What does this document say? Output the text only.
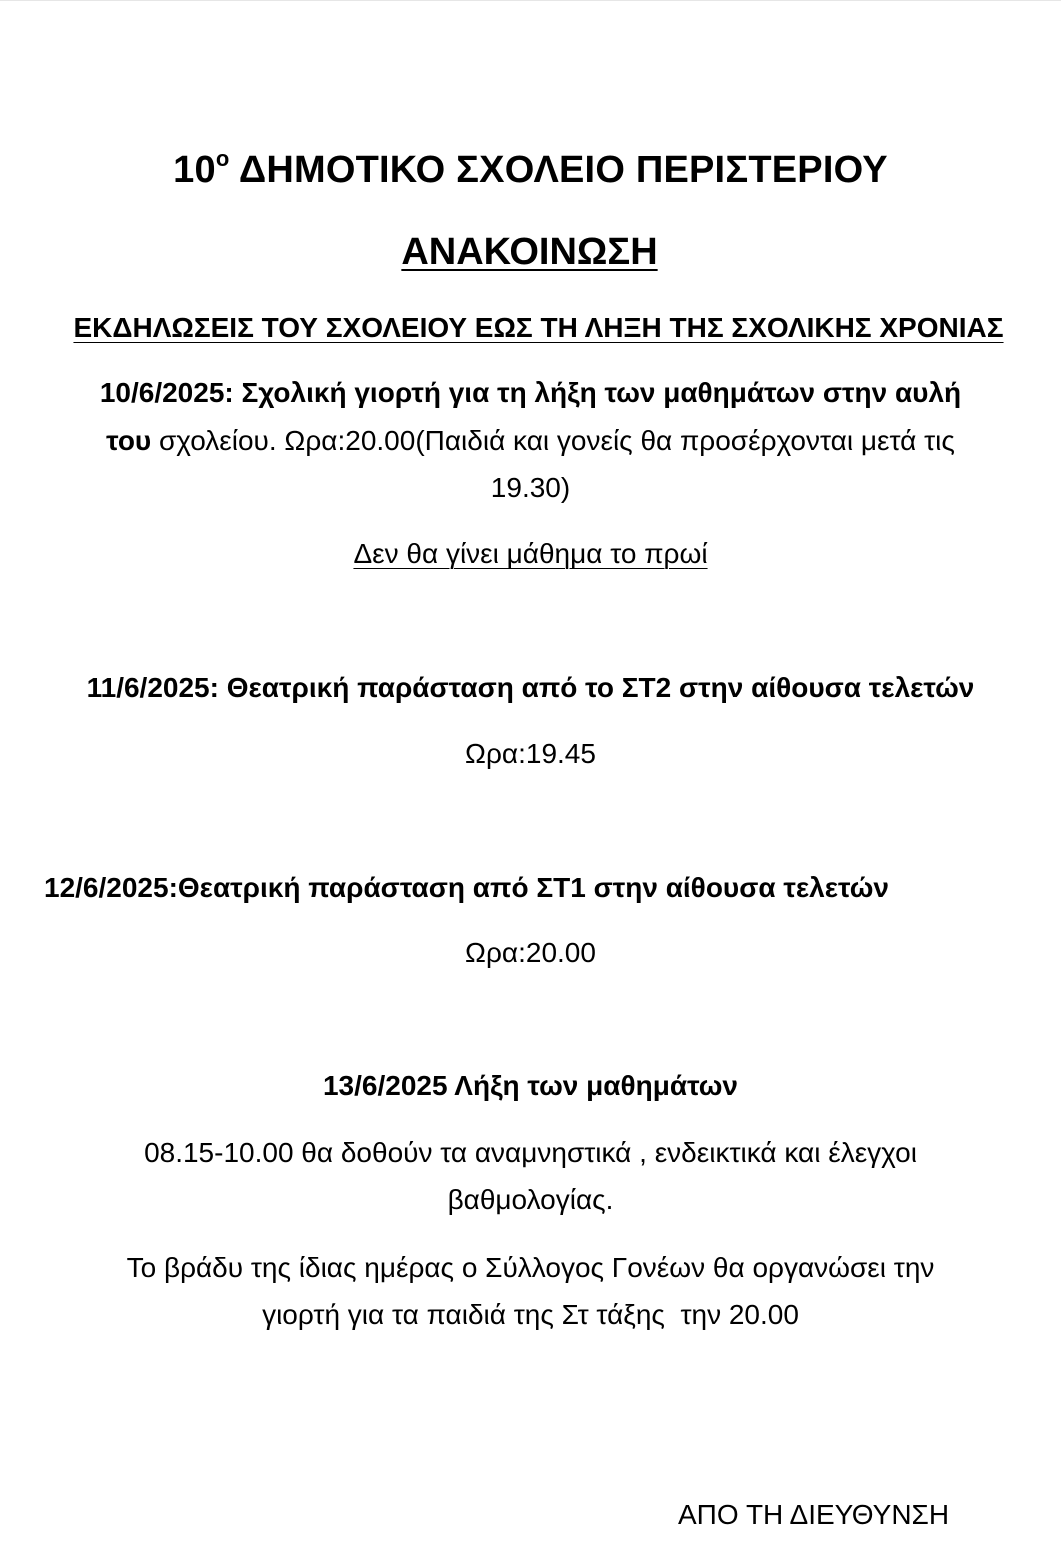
$10^o$ ΔΗΜΟΤΙΚΟ ΣΧΟΛΕΙΟ ΠΕΡΙΣΤΕΡΙΟΥ
ΑΝΑΚΟΙΝΩΣΗ
ΕΚΔΗΛΩΣΕΙΣ ΤΟΥ ΣΧΟΛΕΙΟΥ ΕΩΣ ΤΗ ΛΗΞΗ ΤΗΣ ΣΧΟΛΙΚΗΣ ΧΡΟΝΙΑΣ
10/6/2025: Σχολική γιορτή για τη λήξη των μαθημάτων στην αυλή
του σχολείου. Ωρα:20.00(Παιδιά και γονείς θα προσέρχονται μετά τις
19.30)
Δεν θα γίνει μάθημα το πρωί
11/6/2025: Θεατρική παράσταση από το ΣΤ2 στην αίθουσα τελετών
Ωρα:19.45
12/6/2025:Θεατρική παράσταση από ΣΤ1 στην αίθουσα τελετών
Ωρα:20.00
13/6/2025 Λήξη των μαθημάτων
08.15-10.00 θα δοθούν τα αναμνηστικά , ενδεικτικά και έλεγχοι
βαθμολογίας.
Το βράδυ της ίδιας ημέρας ο Σύλλογος Γονέων θα οργανώσει την
γιορτή για τα παιδιά της Στ τάξης  την 20.00
ΑΠΟ ΤΗ ΔΙΕΥΘΥΝΣΗ
